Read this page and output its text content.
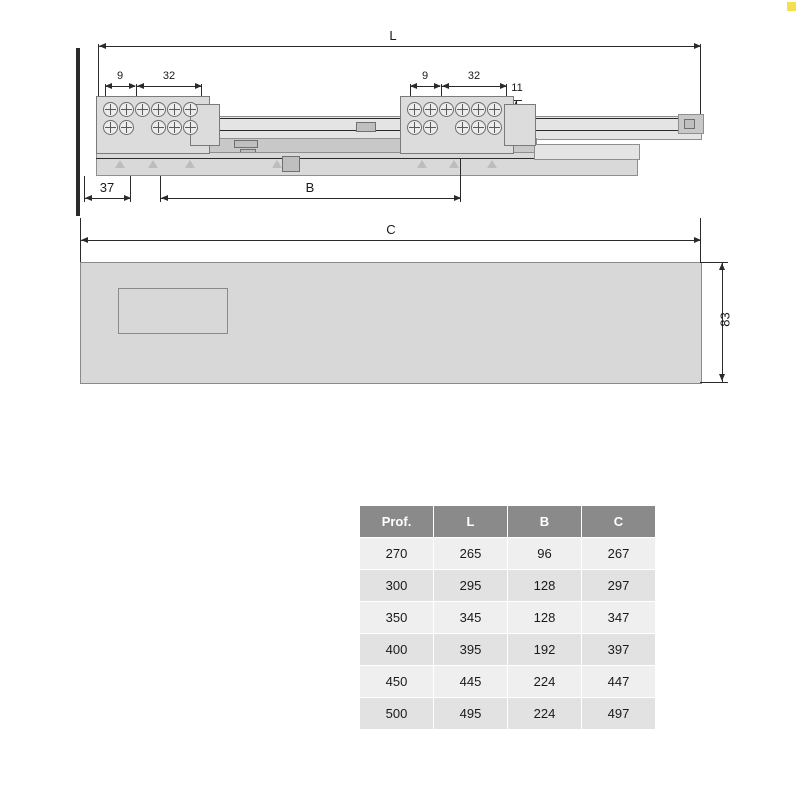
L
9	32	9	32
11
37	B
C
83
Prof.	L	B	C
270	265	96	267
300	295	128	297
350	345	128	347
400	395	192	397
450	445	224	447
500	495	224	497
